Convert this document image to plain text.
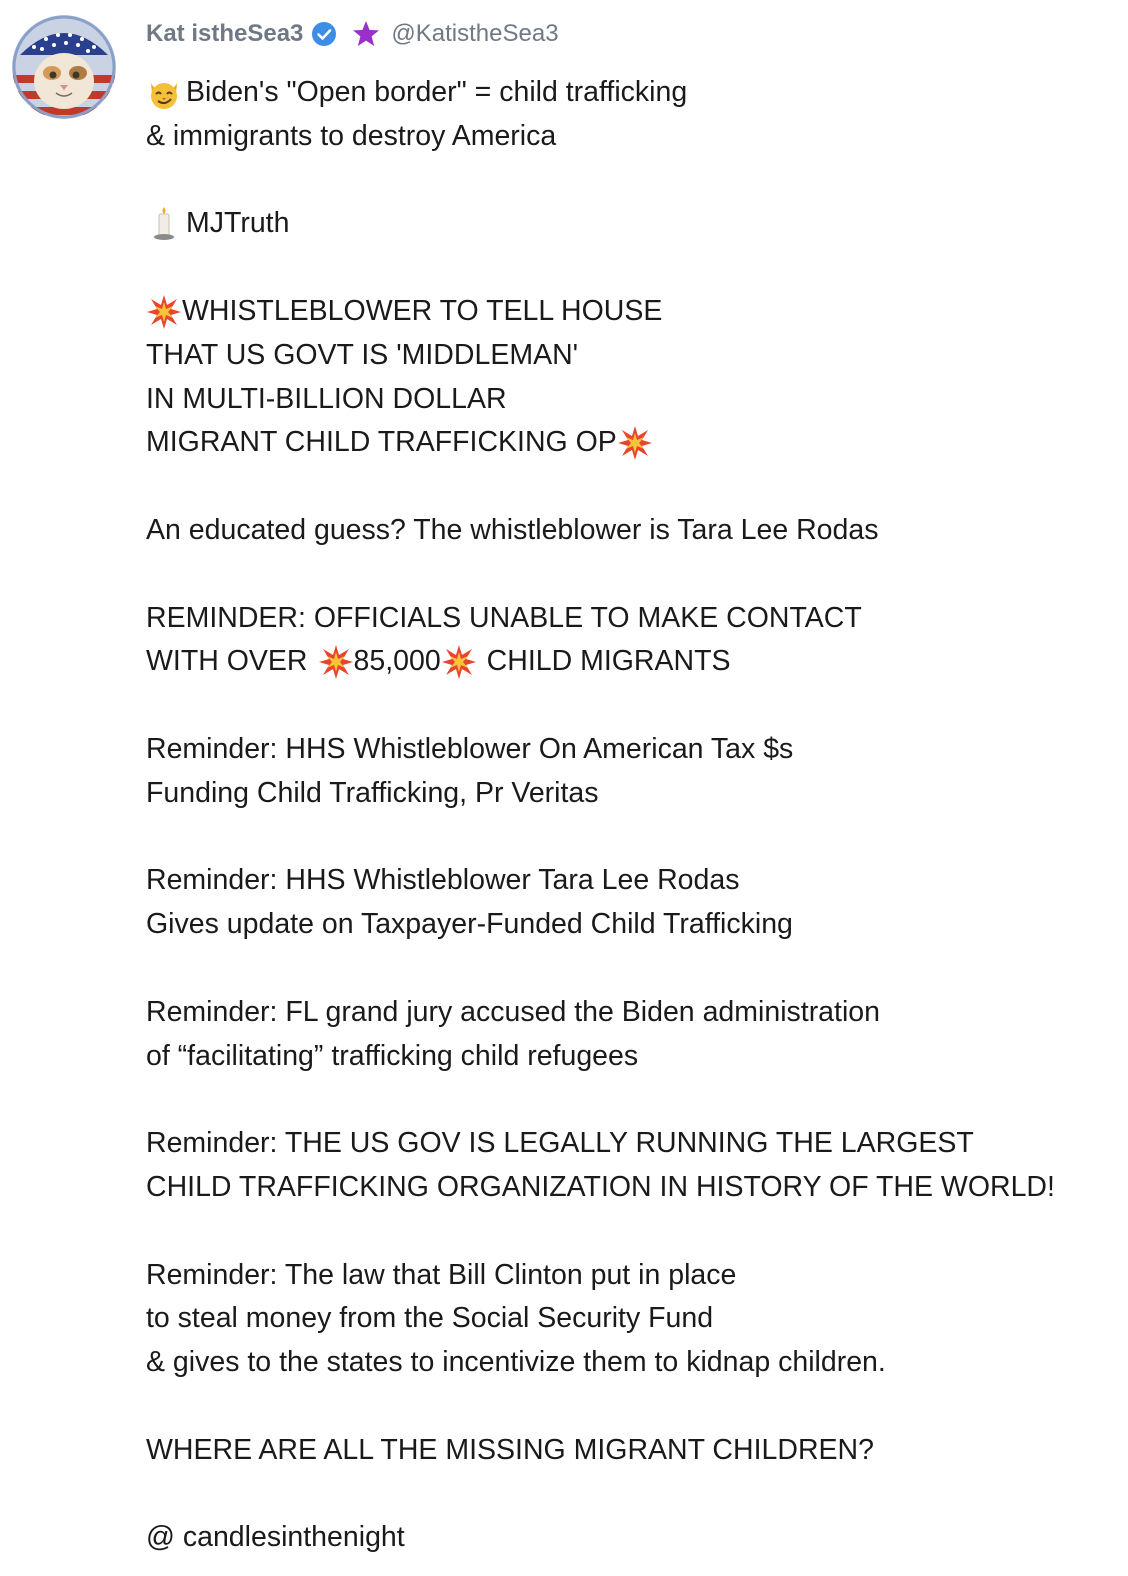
Kat istheSea3	@KatistheSea3
Biden's "Open border" = child trafficking
& immigrants to destroy America
MJTruth
WHISTLEBLOWER TO TELL HOUSE
THAT US GOVT IS 'MIDDLEMAN'
IN MULTI-BILLION DOLLAR
MIGRANT CHILD TRAFFICKING OP
An educated guess? The whistleblower is Tara Lee Rodas
REMINDER: OFFICIALS UNABLE TO MAKE CONTACT
WITH OVER 85,000 CHILD MIGRANTS
Reminder: HHS Whistleblower On American Tax $s
Funding Child Trafficking, Pr Veritas
Reminder: HHS Whistleblower Tara Lee Rodas
Gives update on Taxpayer-Funded Child Trafficking
Reminder: FL grand jury accused the Biden administration
of “facilitating” trafficking child refugees
Reminder: THE US GOV IS LEGALLY RUNNING THE LARGEST
CHILD TRAFFICKING ORGANIZATION IN HISTORY OF THE WORLD!
Reminder: The law that Bill Clinton put in place
to steal money from the Social Security Fund
& gives to the states to incentivize them to kidnap children.
WHERE ARE ALL THE MISSING MIGRANT CHILDREN?
@ candlesinthenight
